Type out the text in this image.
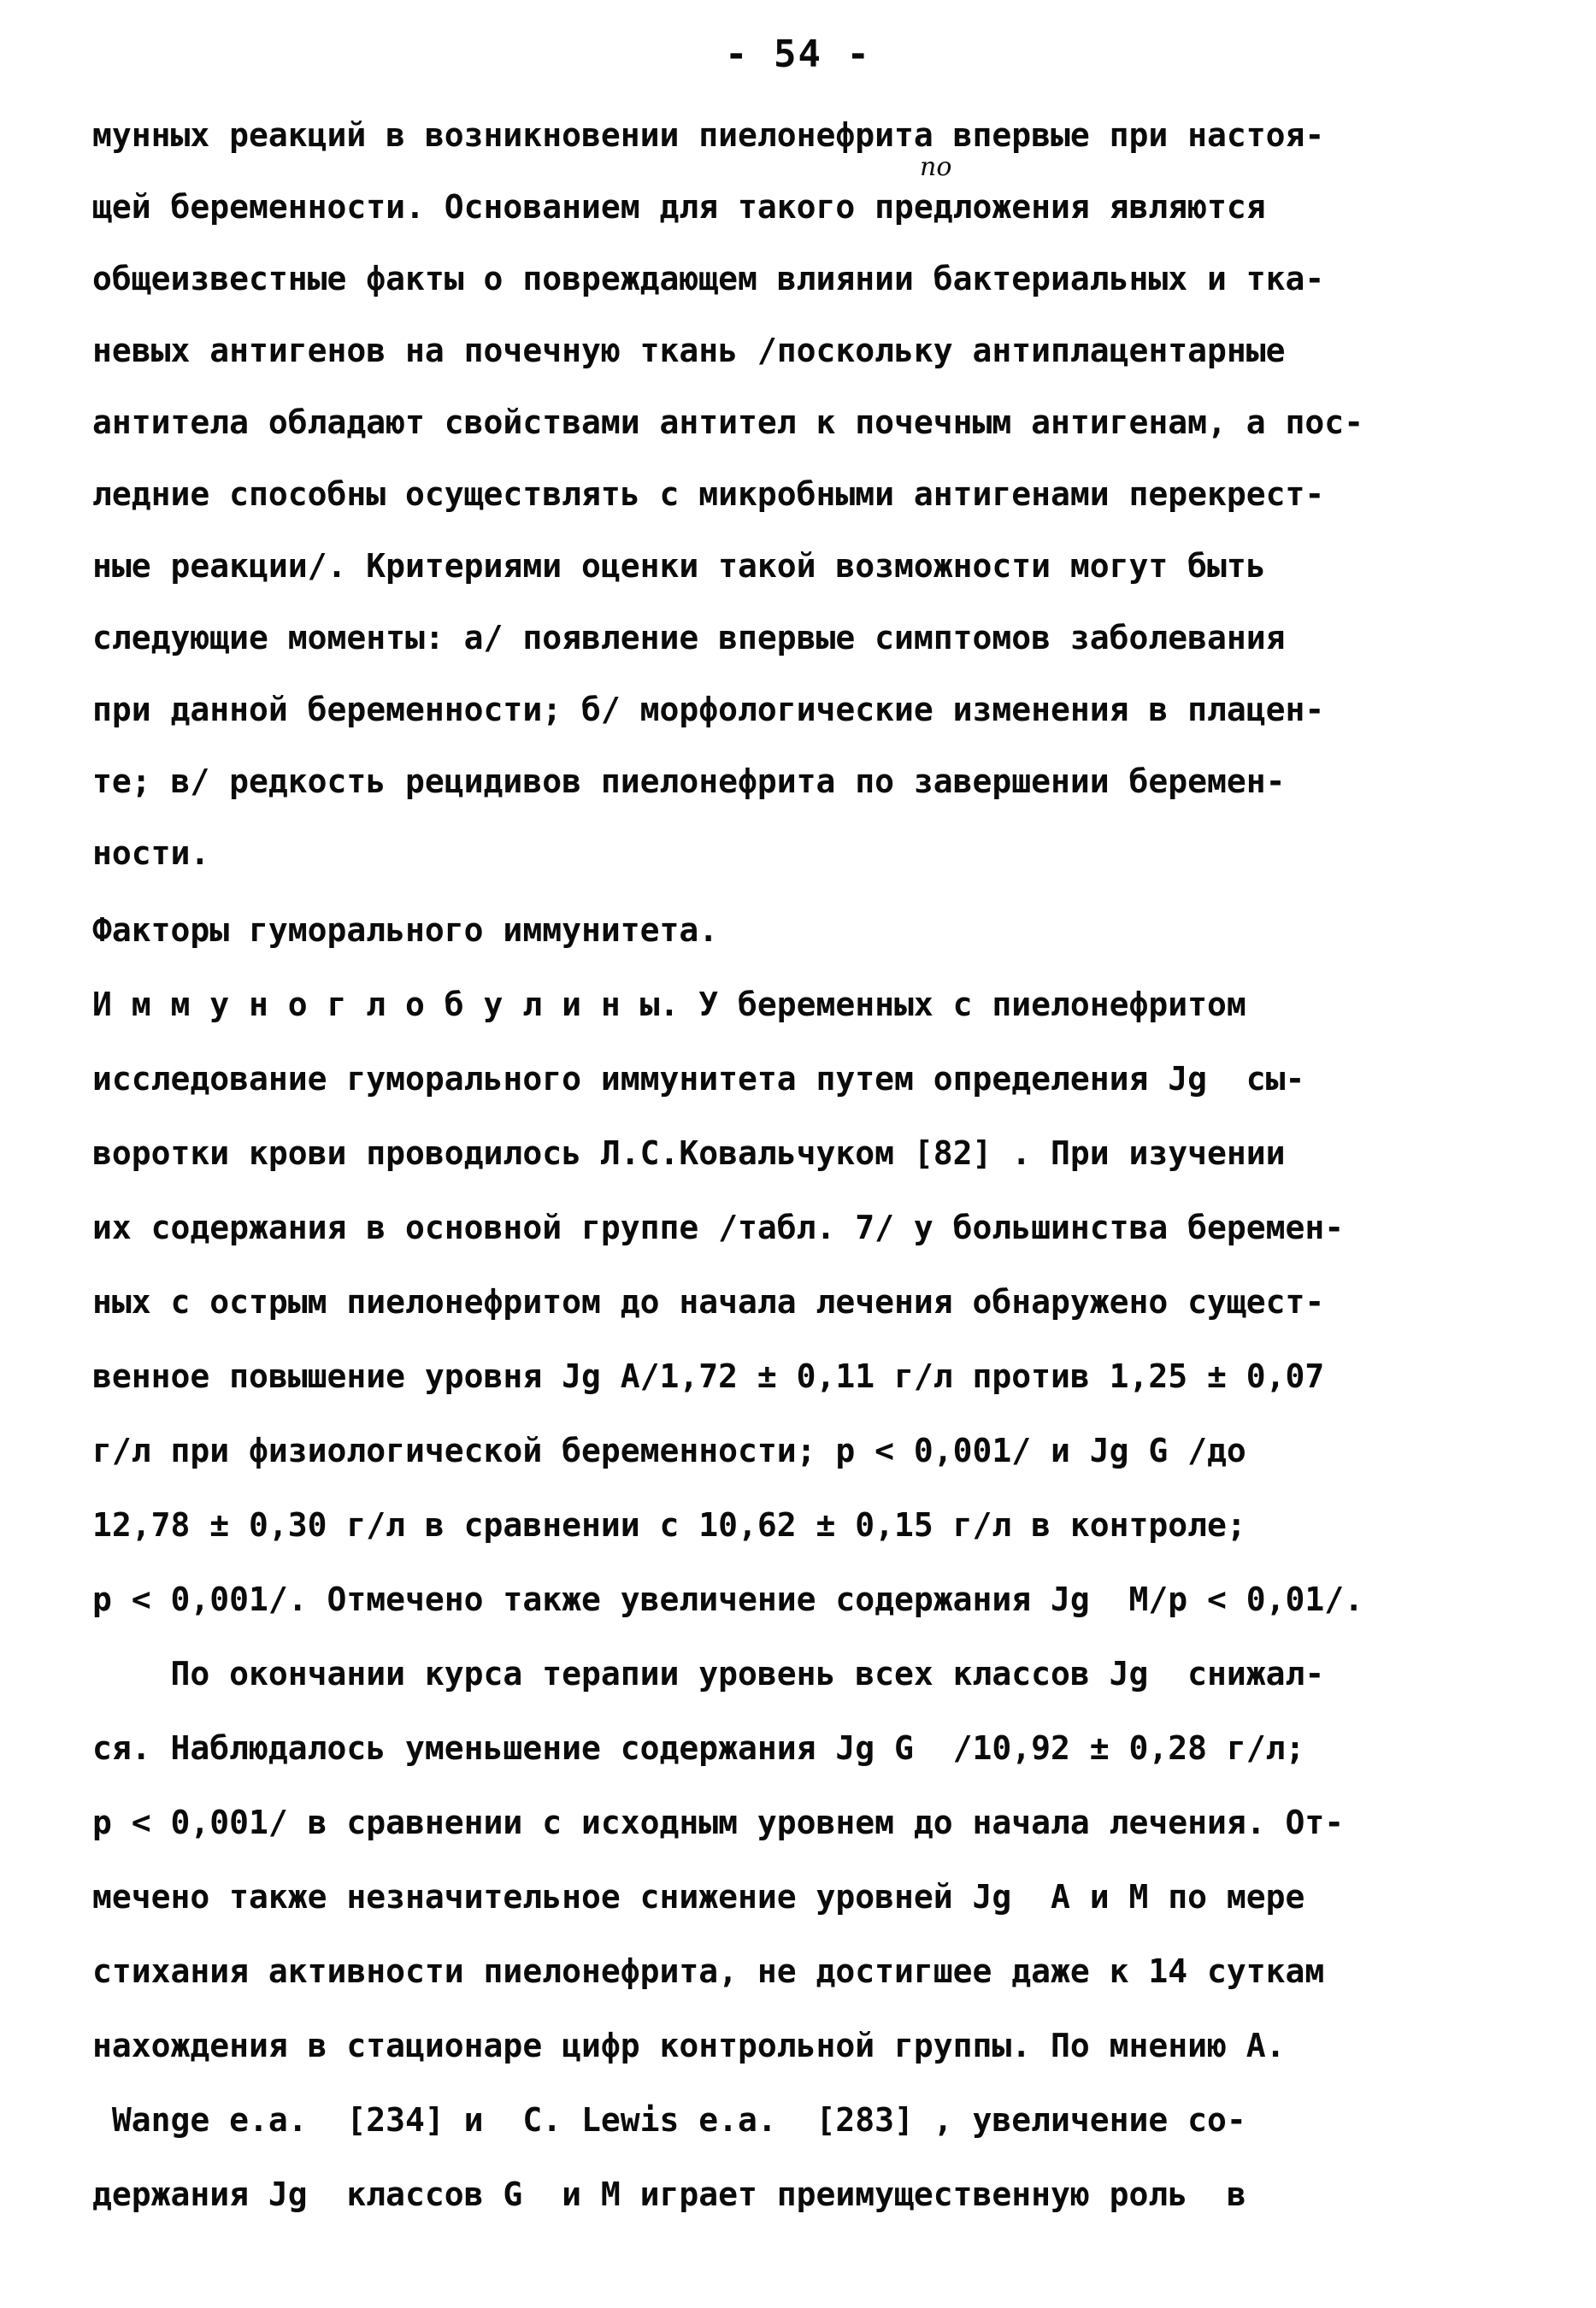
- 54 -
по
мунных реакций в возникновении пиелонефрита впервые при настоя-
щей беременности. Основанием для такого предложения являются
общеизвестные факты о повреждающем влиянии бактериальных и тка-
невых антигенов на почечную ткань /поскольку антиплацентарные
антитела обладают свойствами антител к почечным антигенам, а пос-
ледние способны осуществлять с микробными антигенами перекрест-
ные реакции/. Критериями оценки такой возможности могут быть
следующие моменты: а/ появление впервые симптомов заболевания
при данной беременности; б/ морфологические изменения в плацен-
те; в/ редкость рецидивов пиелонефрита по завершении беремен-
ности.
Факторы гуморального иммунитета.
И м м у н о г л о б у л и н ы. У беременных с пиелонефритом
исследование гуморального иммунитета путем определения Jg  сы-
воротки крови проводилось Л.С.Ковальчуком [82] . При изучении
их содержания в основной группе /табл. 7/ у большинства беремен-
ных с острым пиелонефритом до начала лечения обнаружено сущест-
венное повышение уровня Jg А/1,72 ± 0,11 г/л против 1,25 ± 0,07
г/л при физиологической беременности; р < 0,001/ и Jg G /до
12,78 ± 0,30 г/л в сравнении с 10,62 ± 0,15 г/л в контроле;
р < 0,001/. Отмечено также увеличение содержания Jg  М/р < 0,01/.
По окончании курса терапии уровень всех классов Jg  снижал-
ся. Наблюдалось уменьшение содержания Jg G  /10,92 ± 0,28 г/л;
р < 0,001/ в сравнении с исходным уровнем до начала лечения. От-
мечено также незначительное снижение уровней Jg  А и М по мере
стихания активности пиелонефрита, не достигшее даже к 14 суткам
нахождения в стационаре цифр контрольной группы. По мнению A.
Wange e.a.  [234] и  C. Lewis e.a.  [283] , увеличение со-
держания Jg  классов G  и М играет преимущественную роль  в
